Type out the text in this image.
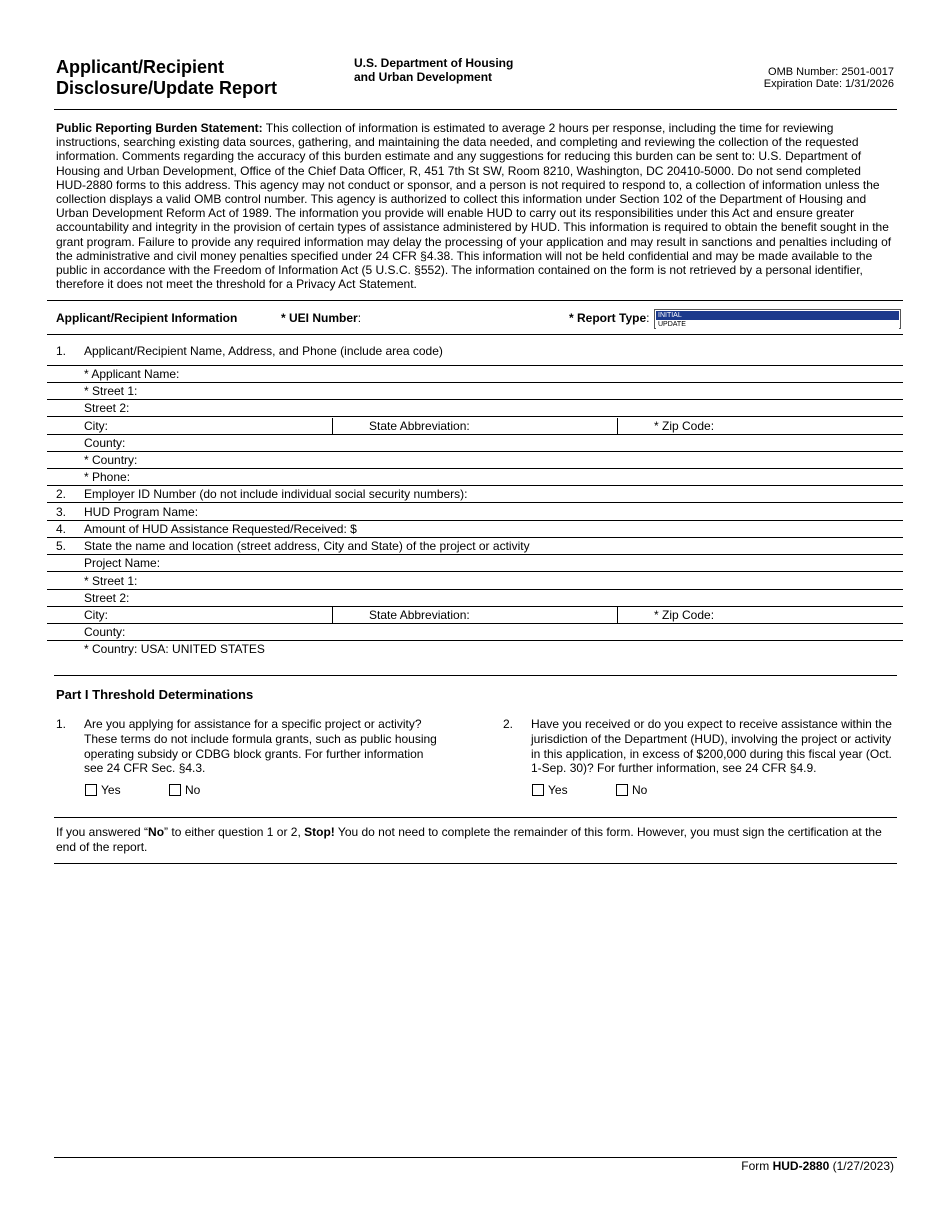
Applicant/Recipient
Disclosure/Update Report
U.S. Department of Housing
and Urban Development	OMB Number: 2501-0017
Expiration Date: 1/31/2026
Public Reporting Burden Statement: This collection of information is estimated to average 2 hours per response, including the time for reviewing instructions, searching existing data sources, gathering, and maintaining the data needed, and completing and reviewing the collection of the requested information. Comments regarding the accuracy of this burden estimate and any suggestions for reducing this burden can be sent to: U.S. Department of Housing and Urban Development, Office of the Chief Data Officer, R, 451 7th St SW, Room 8210, Washington, DC 20410-5000. Do not send completed HUD-2880 forms to this address. This agency may not conduct or sponsor, and a person is not required to respond to, a collection of information unless the collection displays a valid OMB control number. This agency is authorized to collect this information under Section 102 of the Department of Housing and Urban Development Reform Act of 1989. The information you provide will enable HUD to carry out its responsibilities under this Act and ensure greater accountability and integrity in the provision of certain types of assistance administered by HUD. This information is required to obtain the benefit sought in the grant program. Failure to provide any required information may delay the processing of your application and may result in sanctions and penalties including of the administrative and civil money penalties specified under 24 CFR §4.38. This information will not be held confidential and may be made available to the public in accordance with the Freedom of Information Act (5 U.S.C. §552). The information contained on the form is not retrieved by a personal identifier, therefore it does not meet the threshold for a Privacy Act Statement.
Applicant/Recipient Information	* UEI Number:	* Report Type: INITIAL
UPDATE
1. Applicant/Recipient Name, Address, and Phone (include area code)
* Applicant Name:
* Street 1:
Street 2:
City:	State Abbreviation:	* Zip Code:
County:
* Country:
* Phone:
2. Employer ID Number (do not include individual social security numbers):
3. HUD Program Name:
4. Amount of HUD Assistance Requested/Received: $
5. State the name and location (street address, City and State) of the project or activity
Project Name:
* Street 1:
Street 2:
City:	State Abbreviation:	* Zip Code:
County:
* Country: USA: UNITED STATES
Part I Threshold Determinations
1. Are you applying for assistance for a specific project or activity? These terms do not include formula grants, such as public housing operating subsidy or CDBG block grants. For further information see 24 CFR Sec. §4.3.
Yes	No
2. Have you received or do you expect to receive assistance within the jurisdiction of the Department (HUD), involving the project or activity in this application, in excess of $200,000 during this fiscal year (Oct. 1-Sep. 30)? For further information, see 24 CFR §4.9.
Yes	No
If you answered “No” to either question 1 or 2, Stop! You do not need to complete the remainder of this form. However, you must sign the certification at the end of the report.
Form HUD-2880 (1/27/2023)
